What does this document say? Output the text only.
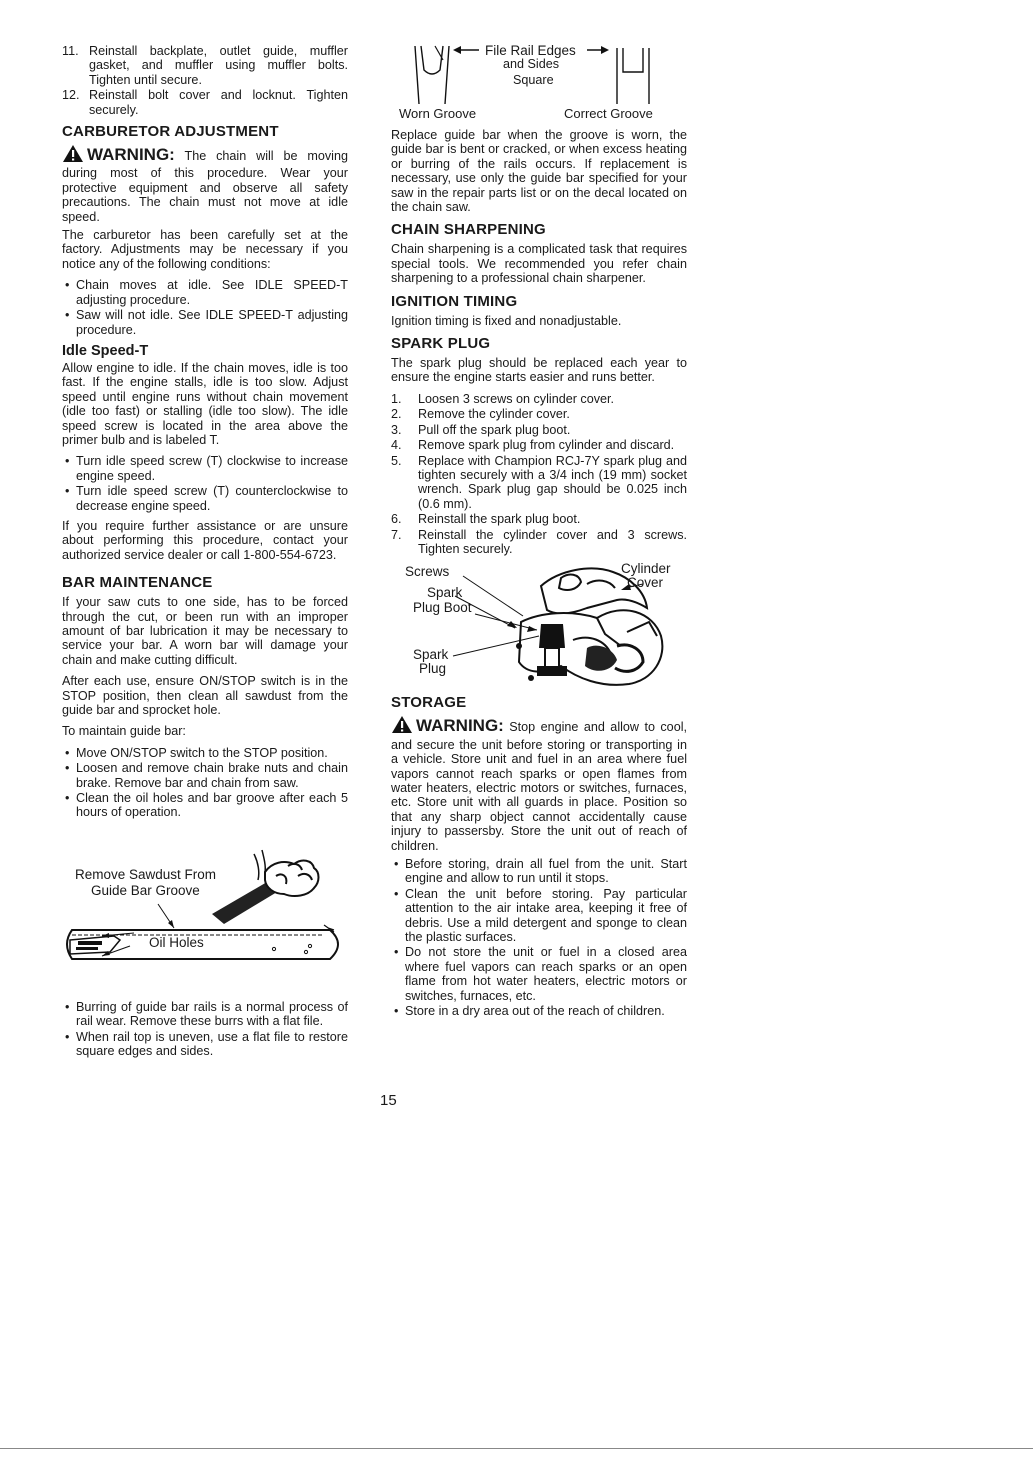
11. Reinstall backplate, outlet guide, muffler gasket, and muffler using muffler bolts. Tighten until secure.
12. Reinstall bolt cover and locknut. Tighten securely.
CARBURETOR ADJUSTMENT
WARNING: The chain will be moving during most of this procedure. Wear your protective equipment and observe all safety precautions. The chain must not move at idle speed.

The carburetor has been carefully set at the factory. Adjustments may be necessary if you notice any of the following conditions:

• Chain moves at idle. See IDLE SPEED-T adjusting procedure.
• Saw will not idle. See IDLE SPEED-T adjusting procedure.
Idle Speed-T

Allow engine to idle. If the chain moves, idle is too fast. If the engine stalls, idle is too slow. Adjust speed until engine runs without chain movement (idle too fast) or stalling (idle too slow). The idle speed screw is located in the area above the primer bulb and is labeled T.

• Turn idle speed screw (T) clockwise to increase engine speed.
• Turn idle speed screw (T) counterclockwise to decrease engine speed.

If you require further assistance or are unsure about performing this procedure, contact your authorized service dealer or call 1-800-554-6723.

BAR MAINTENANCE

If your saw cuts to one side, has to be forced through the cut, or been run with an improper amount of bar lubrication it may be necessary to service your bar. A worn bar will damage your chain and make cutting difficult.

After each use, ensure ON/STOP switch is in the STOP position, then clean all sawdust from the guide bar and sprocket hole.

To maintain guide bar:

• Move ON/STOP switch to the STOP position.
• Loosen and remove chain brake nuts and chain brake. Remove bar and chain from saw.
• Clean the oil holes and bar groove after each 5 hours of operation.
Remove Sawdust From
Guide Bar Groove
Oil Holes
• Burring of guide bar rails is a normal process of rail wear. Remove these burrs with a flat file.
• When rail top is uneven, use a flat file to restore square edges and sides.
File Rail Edges
and Sides
Square
Worn Groove	Correct Groove

Replace guide bar when the groove is worn, the guide bar is bent or cracked, or when excess heating or burring of the rails occurs. If replacement is necessary, use only the guide bar specified for your saw in the repair parts list or on the decal located on the chain saw.

CHAIN SHARPENING

Chain sharpening is a complicated task that requires special tools. We recommended you refer chain sharpening to a professional chain sharpener.

IGNITION TIMING

Ignition timing is fixed and nonadjustable.

SPARK PLUG

The spark plug should be replaced each year to ensure the engine starts easier and runs better.

1. Loosen 3 screws on cylinder cover.
2. Remove the cylinder cover.
3. Pull off the spark plug boot.
4. Remove spark plug from cylinder and discard.
5. Replace with Champion RCJ-7Y spark plug and tighten securely with a 3/4 inch (19 mm) socket wrench. Spark plug gap should be 0.025 inch (0.6 mm).
6. Reinstall the spark plug boot.
7. Reinstall the cylinder cover and 3 screws. Tighten securely.
Screws	Cylinder
Cover
Spark
Plug Boot
Spark
Plug
STORAGE
WARNING: Stop engine and allow to cool, and secure the unit before storing or transporting in a vehicle. Store unit and fuel in an area where fuel vapors cannot reach sparks or open flames from water heaters, electric motors or switches, furnaces, etc. Store unit with all guards in place. Position so that any sharp object cannot accidentally cause injury to passersby. Store the unit out of reach of children.
• Before storing, drain all fuel from the unit. Start engine and allow to run until it stops.
• Clean the unit before storing. Pay particular attention to the air intake area, keeping it free of debris. Use a mild detergent and sponge to clean the plastic surfaces.
• Do not store the unit or fuel in a closed area where fuel vapors can reach sparks or an open flame from hot water heaters, electric motors or switches, furnaces, etc.
• Store in a dry area out of the reach of children.
15
